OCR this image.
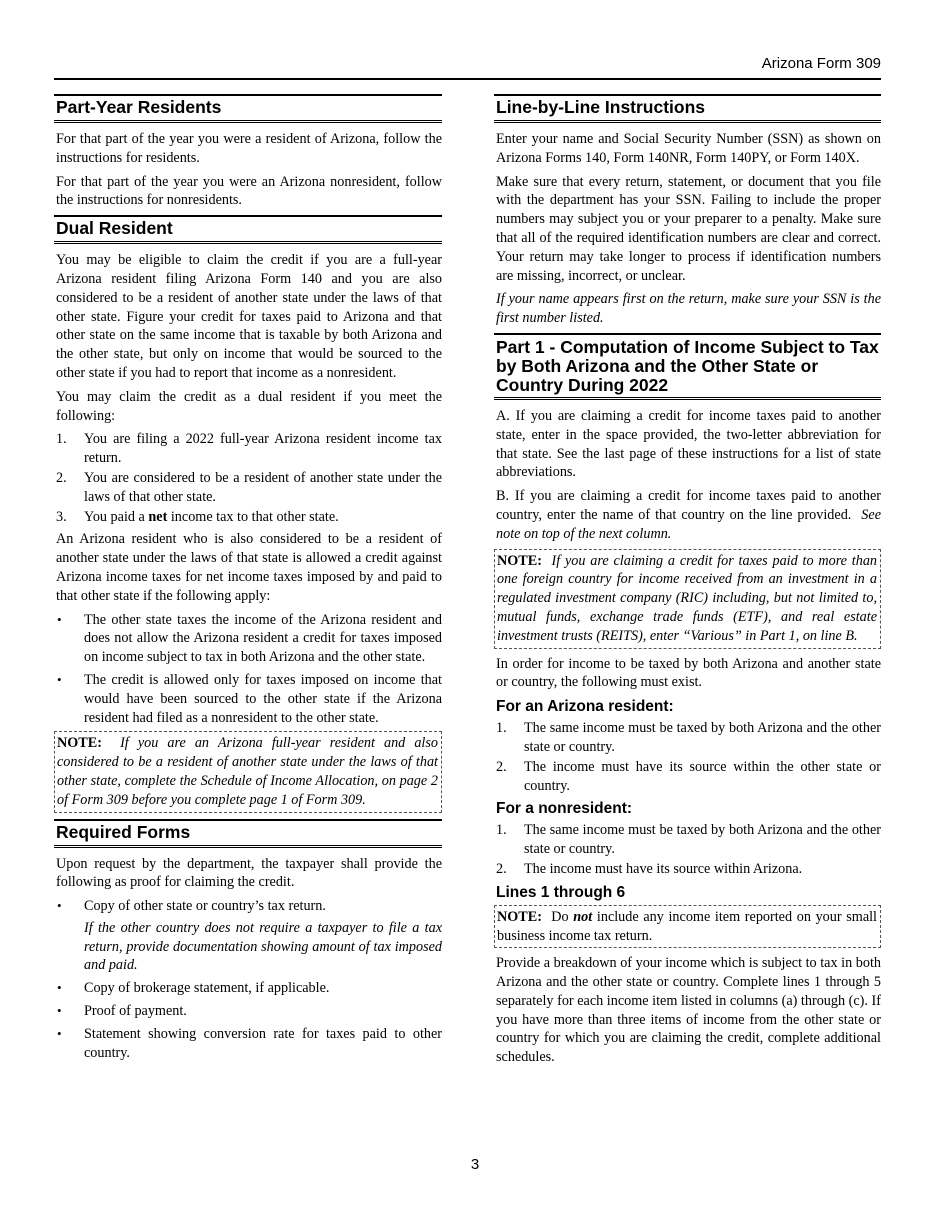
Arizona Form 309
Part-Year Residents

For that part of the year you were a resident of Arizona, follow the instructions for residents.

For that part of the year you were an Arizona nonresident, follow the instructions for nonresidents.

Dual Resident

You may be eligible to claim the credit if you are a full-year Arizona resident filing Arizona Form 140 and you are also considered to be a resident of another state under the laws of that other state. Figure your credit for taxes paid to Arizona and that other state on the same income that is taxable by both Arizona and the other state, but only on income that would be sourced to the other state if you had to report that income as a nonresident.

You may claim the credit as a dual resident if you meet the following:

1. You are filing a 2022 full-year Arizona resident income tax return.
2. You are considered to be a resident of another state under the laws of that other state.
3. You paid a net income tax to that other state.

An Arizona resident who is also considered to be a resident of another state under the laws of that state is allowed a credit against Arizona income taxes for net income taxes imposed by and paid to that other state if the following apply:

• The other state taxes the income of the Arizona resident and does not allow the Arizona resident a credit for taxes imposed on income subject to tax in both Arizona and the other state.
• The credit is allowed only for taxes imposed on income that would have been sourced to the other state if the Arizona resident had filed as a nonresident to the other state.
NOTE: If you are an Arizona full-year resident and also considered to be a resident of another state under the laws of that other state, complete the Schedule of Income Allocation, on page 2 of Form 309 before you complete page 1 of Form 309.
Required Forms

Upon request by the department, the taxpayer shall provide the following as proof for claiming the credit.

• Copy of other state or country’s tax return.

If the other country does not require a taxpayer to file a tax return, provide documentation showing amount of tax imposed and paid.
• Copy of brokerage statement, if applicable.
• Proof of payment.
• Statement showing conversion rate for taxes paid to other country.
Line-by-Line Instructions

Enter your name and Social Security Number (SSN) as shown on Arizona Forms 140, Form 140NR, Form 140PY, or Form 140X.

Make sure that every return, statement, or document that you file with the department has your SSN. Failing to include the proper numbers may subject you or your preparer to a penalty. Make sure that all of the required identification numbers are clear and correct. Your return may take longer to process if identification numbers are missing, incorrect, or unclear.

If your name appears first on the return, make sure your SSN is the first number listed.

Part 1 - Computation of Income Subject to Tax by Both Arizona and the Other State or Country During 2022

A. If you are claiming a credit for income taxes paid to another state, enter in the space provided, the two-letter abbreviation for that state. See the last page of these instructions for a list of state abbreviations.

B. If you are claiming a credit for income taxes paid to another country, enter the name of that country on the line provided. See note on top of the next column.

NOTE: If you are claiming a credit for taxes paid to more than one foreign country for income received from an investment in a regulated investment company (RIC) including, but not limited to, mutual funds, exchange trade funds (ETF), and real estate investment trusts (REITS), enter “Various” in Part 1, on line B.

In order for income to be taxed by both Arizona and another state or country, the following must exist.

For an Arizona resident:
1. The same income must be taxed by both Arizona and the other state or country.
2. The income must have its source within the other state or country.
For a nonresident:
1. The same income must be taxed by both Arizona and the other state or country.
2. The income must have its source within Arizona.
Lines 1 through 6
NOTE: Do not include any income item reported on your small business income tax return.

Provide a breakdown of your income which is subject to tax in both Arizona and the other state or country. Complete lines 1 through 5 separately for each income item listed in columns (a) through (c). If you have more than three items of income from the other state or country for which you are claiming the credit, complete additional schedules.

3
